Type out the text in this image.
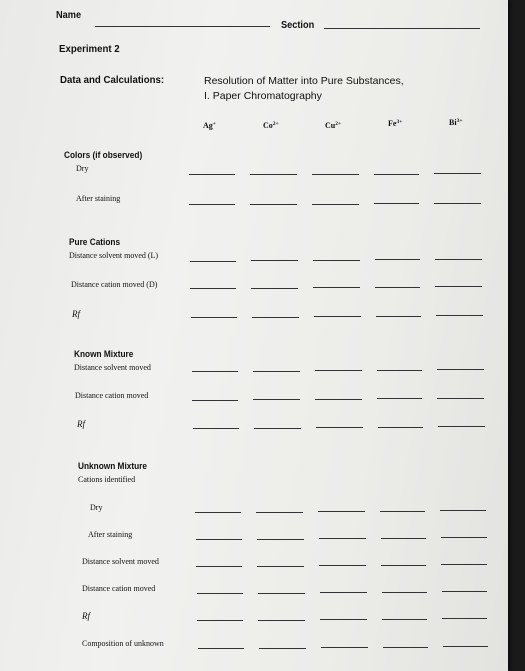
Name
Section
Experiment 2
Data and Calculations:	Resolution of Matter into Pure Substances,
I. Paper Chromatography
Ag+	$Co^{2+}$	$Cu^{2+}$	$Fe^{3+}$	$Bi^{3+}$
Colors (if observed)
Dry
After staining
Pure Cations
Distance solvent moved (L)
Distance cation moved (D)
Rf
Known Mixture
Distance solvent moved
Distance cation moved
Rf
Unknown Mixture
Cations identified
Dry
After staining
Distance solvent moved
Distance cation moved
Rf
Composition of unknown
